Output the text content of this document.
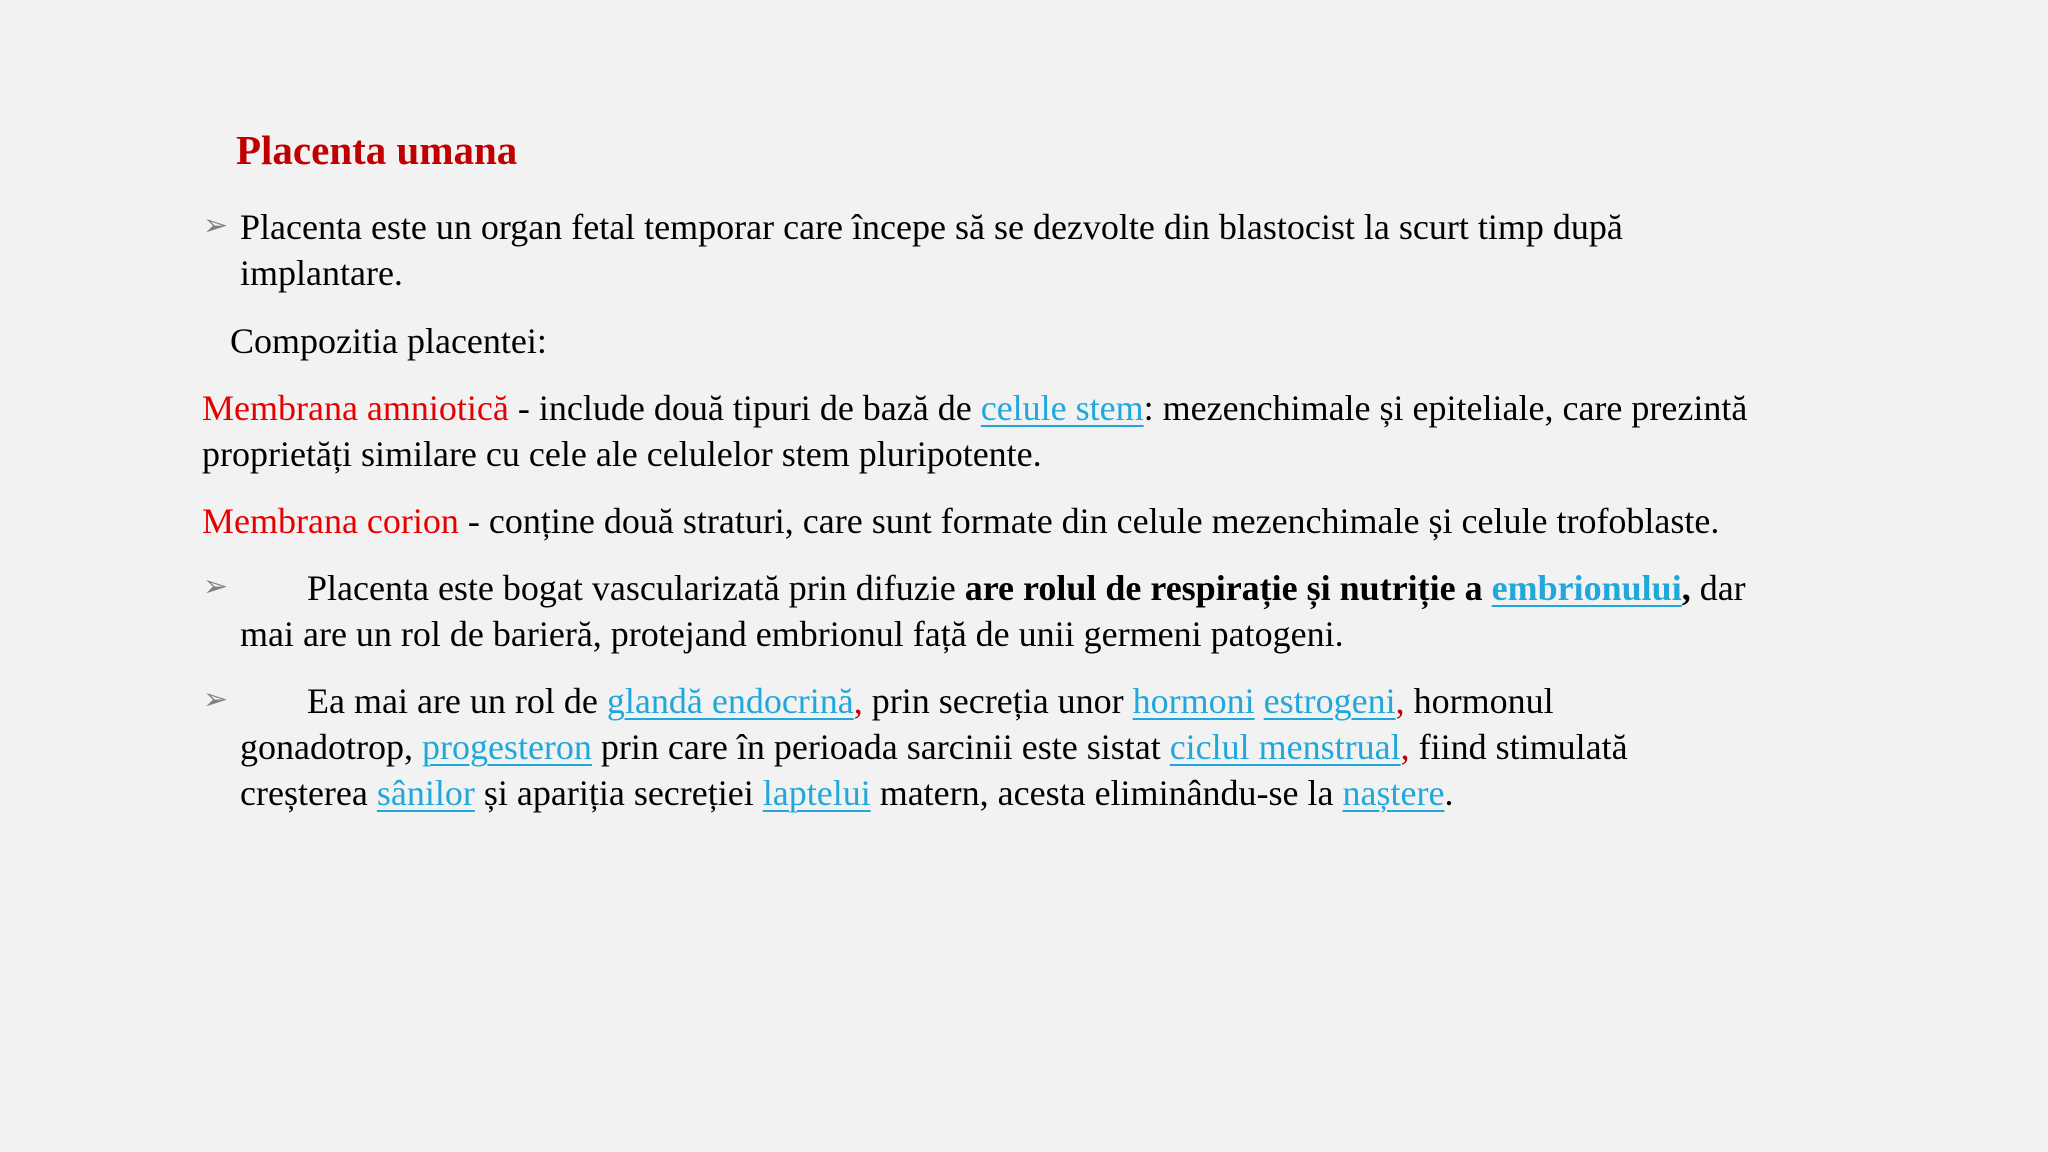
Placenta umana
➢ Placenta este un organ fetal temporar care începe să se dezvolte din blastocist la scurt timp după
implantare.
Compozitia placentei:
Membrana amniotică - include două tipuri de bază de celule stem: mezenchimale și epiteliale, care prezintă
proprietăți similare cu cele ale celulelor stem pluripotente.
Membrana corion - conține două straturi, care sunt formate din celule mezenchimale și celule trofoblaste.
➢ Placenta este bogat vascularizată prin difuzie are rolul de respirație și nutriție a embrionului, dar
mai are un rol de barieră, protejand embrionul față de unii germeni patogeni.
➢ Ea mai are un rol de glandă endocrină, prin secreția unor hormoni estrogeni, hormonul
gonadotrop, progesteron prin care în perioada sarcinii este sistat ciclul menstrual, fiind stimulată
creșterea sânilor și apariția secreției laptelui matern, acesta eliminându-se la naștere.
